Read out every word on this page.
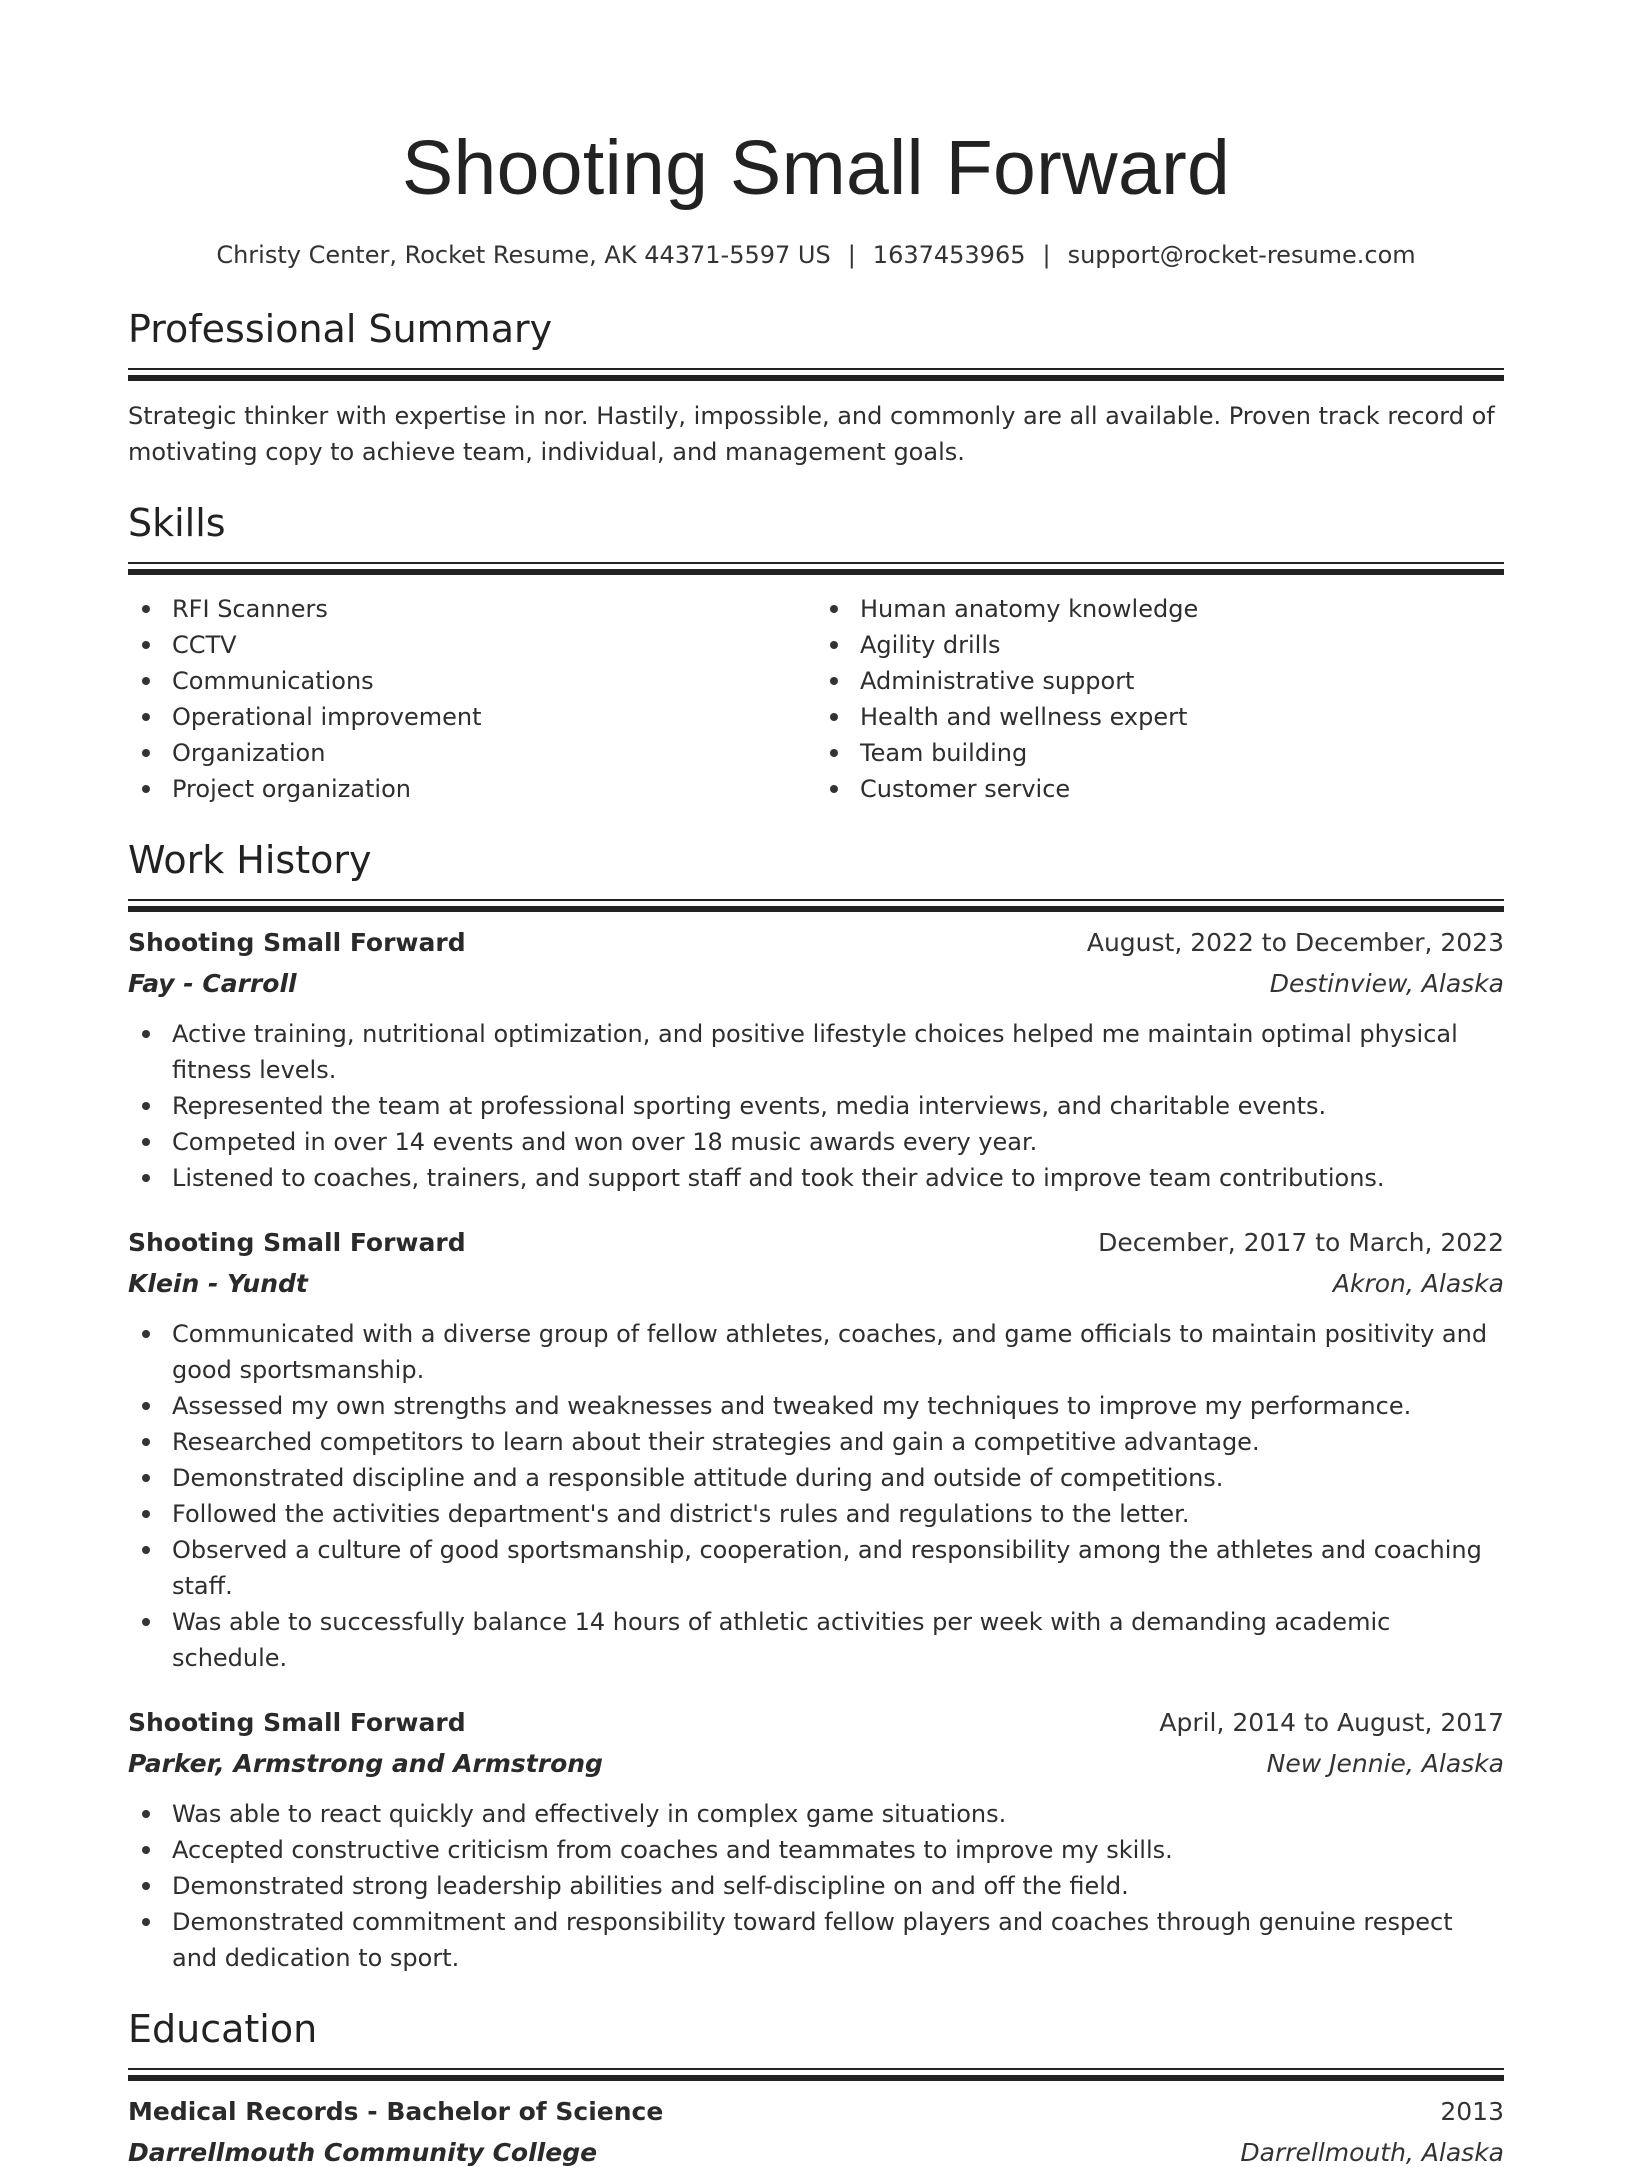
Shooting Small Forward
Christy Center, Rocket Resume, AK 44371-5597 US | 1637453965 | support@rocket-resume.com
Professional Summary

Strategic thinker with expertise in nor. Hastily, impossible, and commonly are all available. Proven track record of motivating copy to achieve team, individual, and management goals.

Skills
RFI Scanners
CCTV
Communications
Operational improvement
Organization
Project organization
Human anatomy knowledge
Agility drills
Administrative support
Health and wellness expert
Team building
Customer service
Work History
Shooting Small Forward	August, 2022 to December, 2023
Fay - Carroll	Destinview, Alaska
Active training, nutritional optimization, and positive lifestyle choices helped me maintain optimal physical fitness levels.
Represented the team at professional sporting events, media interviews, and charitable events.
Competed in over 14 events and won over 18 music awards every year.
Listened to coaches, trainers, and support staff and took their advice to improve team contributions.
Shooting Small Forward	December, 2017 to March, 2022
Klein - Yundt	Akron, Alaska
Communicated with a diverse group of fellow athletes, coaches, and game officials to maintain positivity and good sportsmanship.
Assessed my own strengths and weaknesses and tweaked my techniques to improve my performance.
Researched competitors to learn about their strategies and gain a competitive advantage.
Demonstrated discipline and a responsible attitude during and outside of competitions.
Followed the activities department's and district's rules and regulations to the letter.
Observed a culture of good sportsmanship, cooperation, and responsibility among the athletes and coaching staff.
Was able to successfully balance 14 hours of athletic activities per week with a demanding academic schedule.
Shooting Small Forward	April, 2014 to August, 2017
Parker, Armstrong and Armstrong	New Jennie, Alaska
Was able to react quickly and effectively in complex game situations.
Accepted constructive criticism from coaches and teammates to improve my skills.
Demonstrated strong leadership abilities and self-discipline on and off the field.
Demonstrated commitment and responsibility toward fellow players and coaches through genuine respect and dedication to sport.
Education
Medical Records - Bachelor of Science	2013
Darrellmouth Community College	Darrellmouth, Alaska
